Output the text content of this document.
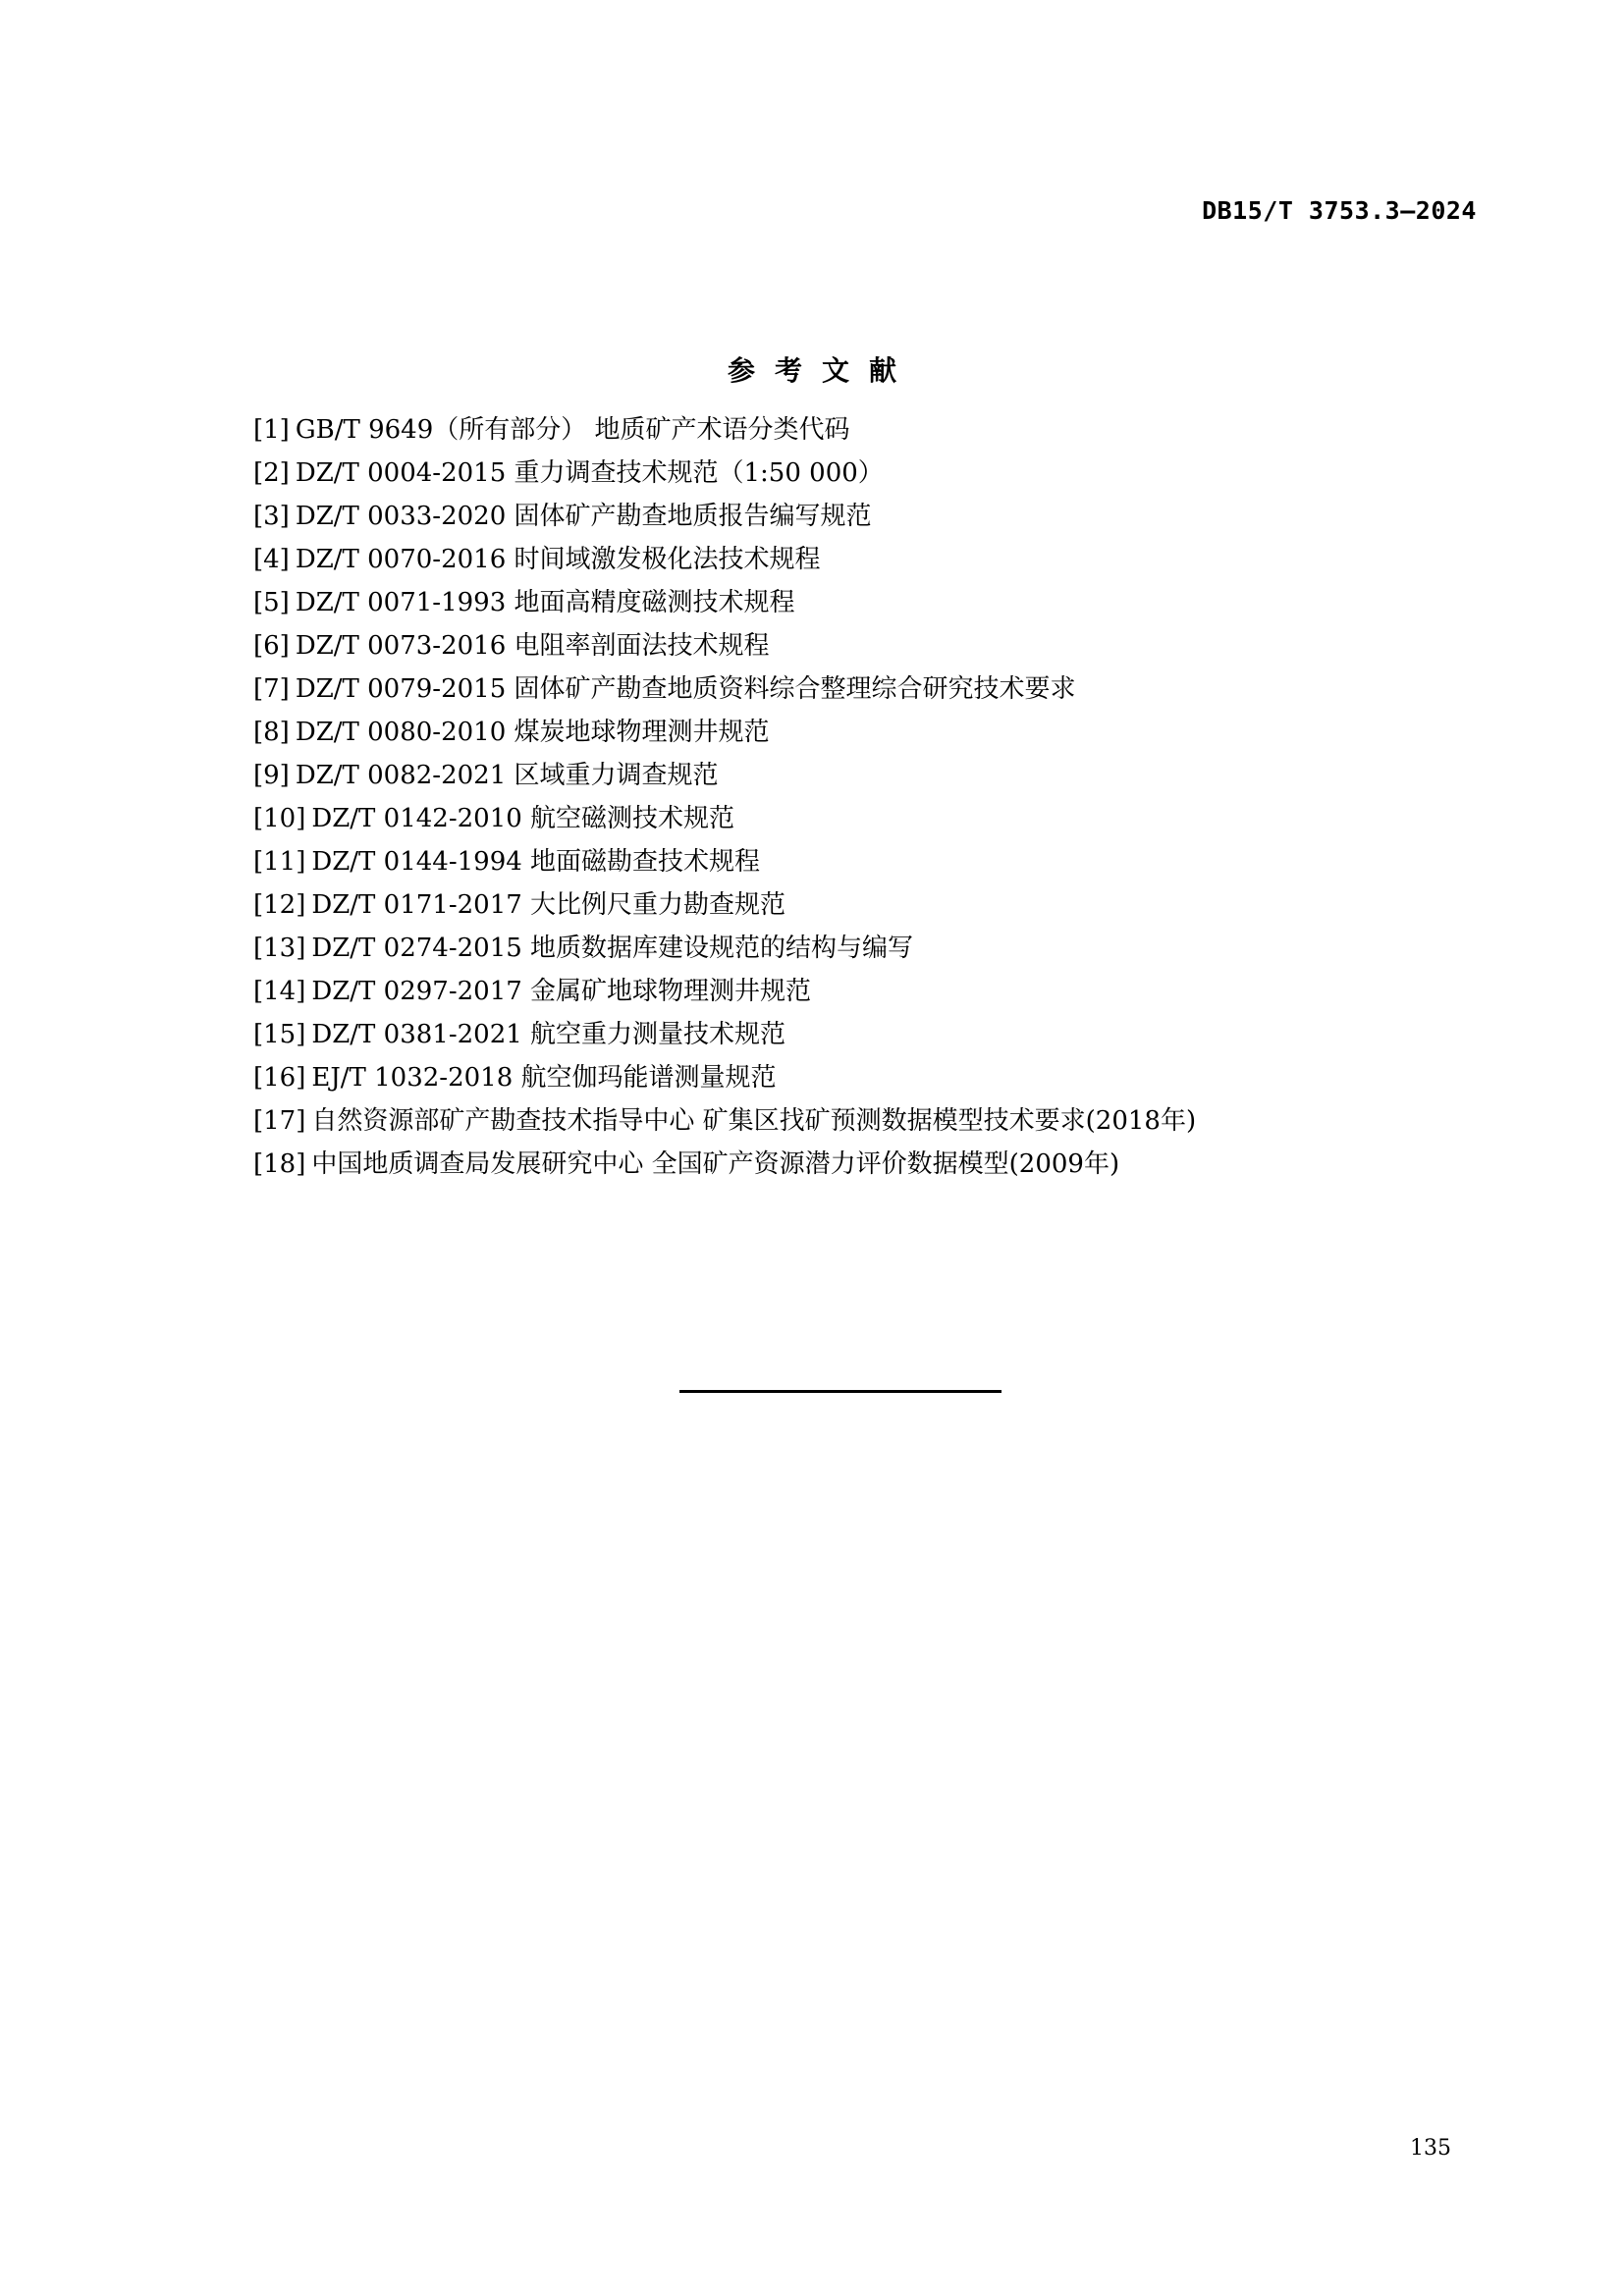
DB15/T 3753.3—2024
参考文献
[1] GB/T 9649（所有部分） 地质矿产术语分类代码
[2] DZ/T 0004-2015 重力调查技术规范（1:50 000）
[3] DZ/T 0033-2020 固体矿产勘查地质报告编写规范
[4] DZ/T 0070-2016 时间域激发极化法技术规程
[5] DZ/T 0071-1993 地面高精度磁测技术规程
[6] DZ/T 0073-2016 电阻率剖面法技术规程
[7] DZ/T 0079-2015 固体矿产勘查地质资料综合整理综合研究技术要求
[8] DZ/T 0080-2010 煤炭地球物理测井规范
[9] DZ/T 0082-2021 区域重力调查规范
[10] DZ/T 0142-2010 航空磁测技术规范
[11] DZ/T 0144-1994 地面磁勘查技术规程
[12] DZ/T 0171-2017 大比例尺重力勘查规范
[13] DZ/T 0274-2015 地质数据库建设规范的结构与编写
[14] DZ/T 0297-2017 金属矿地球物理测井规范
[15] DZ/T 0381-2021 航空重力测量技术规范
[16] EJ/T 1032-2018 航空伽玛能谱测量规范
[17] 自然资源部矿产勘查技术指导中心 矿集区找矿预测数据模型技术要求(2018年)
[18] 中国地质调查局发展研究中心 全国矿产资源潜力评价数据模型(2009年)
135
